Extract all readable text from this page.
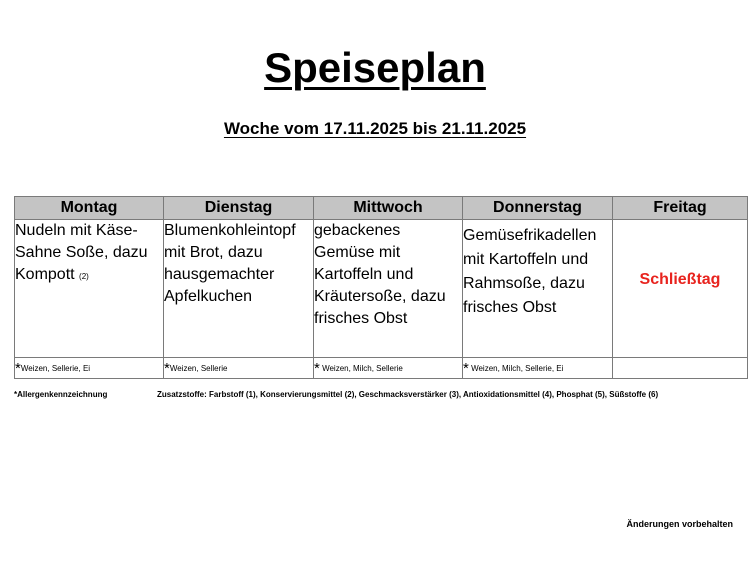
Speiseplan
Woche vom 17.11.2025 bis 21.11.2025
Montag	Dienstag	Mittwoch	Donnerstag	Freitag
Nudeln mit Käse-Sahne Soße, dazu Kompott (2)	Blumenkohleintopf mit Brot, dazu hausgemachter Apfelkuchen	gebackenes Gemüse mit Kartoffeln und Kräutersoße, dazu frisches Obst	Gemüsefrikadellen mit Kartoffeln und Rahmsoße, dazu frisches Obst	Schließtag
*Weizen, Sellerie, Ei	*Weizen, Sellerie	* Weizen, Milch, Sellerie	* Weizen, Milch, Sellerie, Ei	
*Allergenkennzeichnung	Zusatzstoffe: Farbstoff (1), Konservierungsmittel (2), Geschmacksverstärker (3), Antioxidationsmittel (4), Phosphat (5), Süßstoffe (6)
Änderungen vorbehalten
